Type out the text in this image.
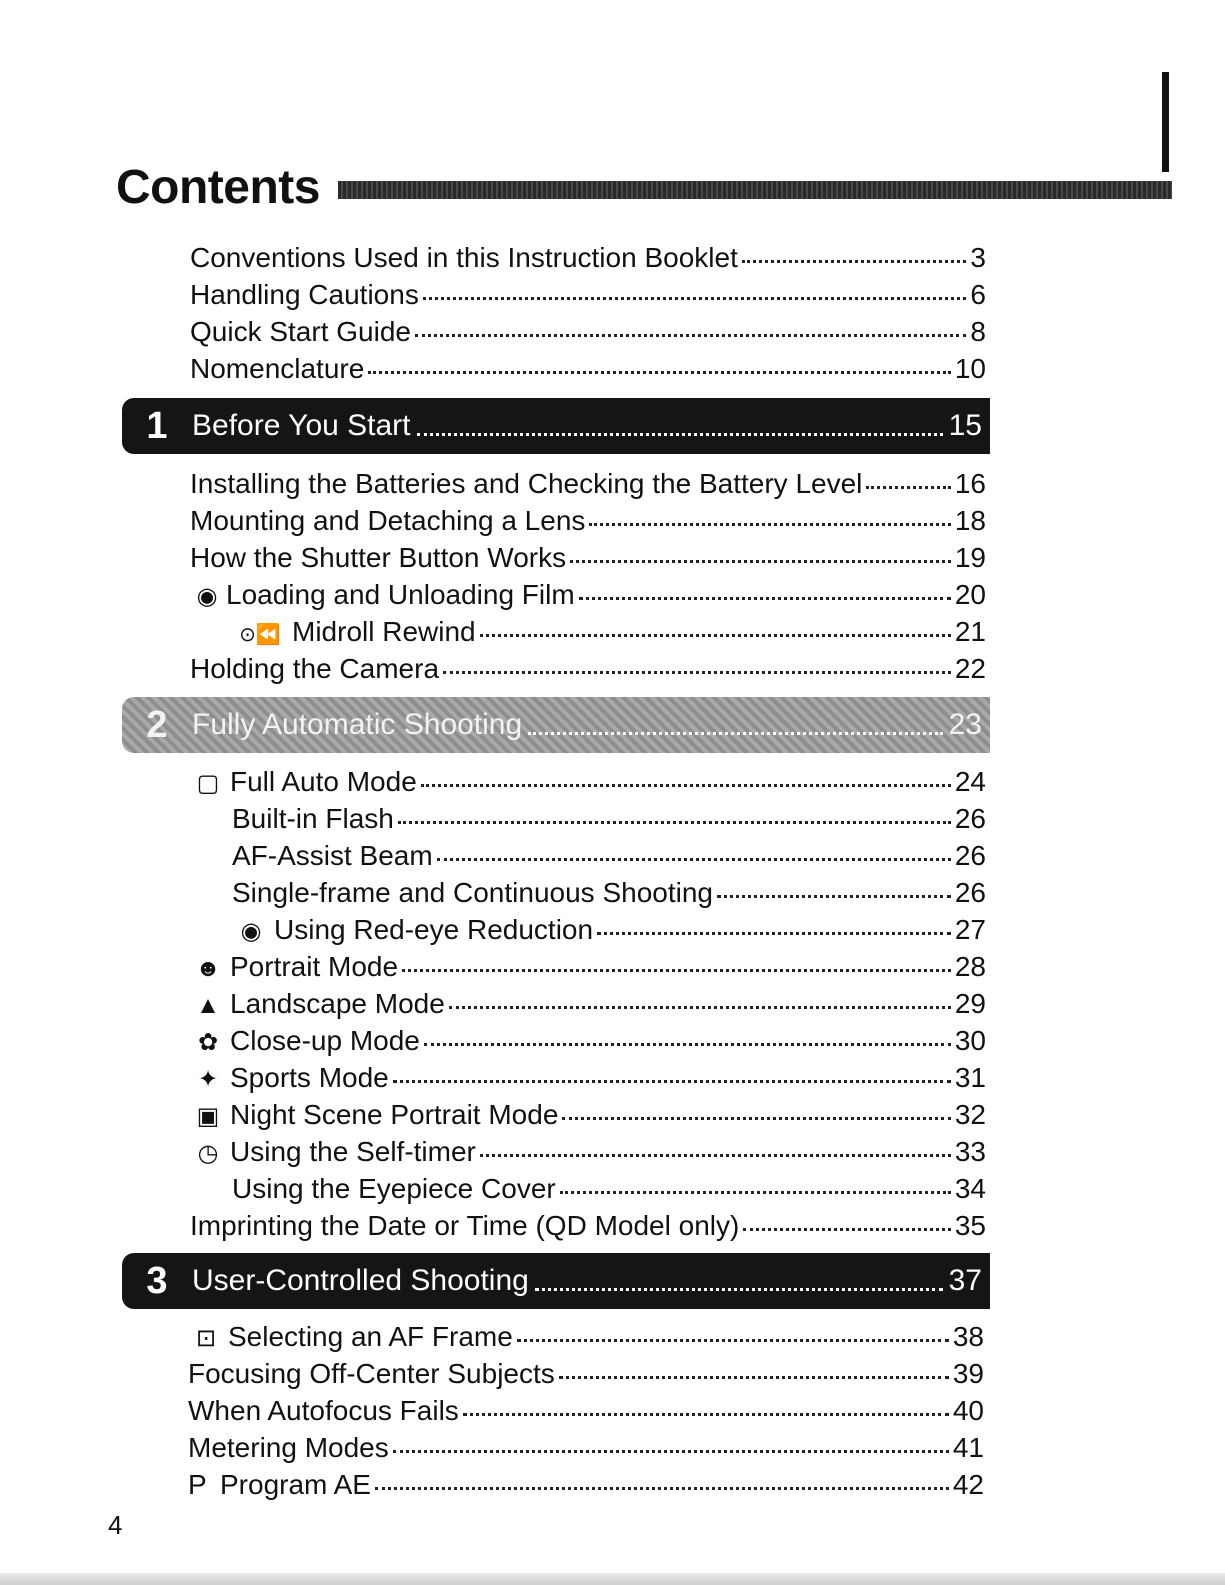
Contents
Conventions Used in this Instruction Booklet	3
Handling Cautions	6
Quick Start Guide	8
Nomenclature	10
1 Before You Start	15
Installing the Batteries and Checking the Battery Level	16
Mounting and Detaching a Lens	18
How the Shutter Button Works	19
◉ Loading and Unloading Film	20
⊙⏪ Midroll Rewind	21
Holding the Camera	22
2 Fully Automatic Shooting	23
▢ Full Auto Mode	24
Built-in Flash	26
AF-Assist Beam	26
Single-frame and Continuous Shooting	26
◉ Using Red-eye Reduction	27
☻ Portrait Mode	28
▲ Landscape Mode	29
✿ Close-up Mode	30
✦ Sports Mode	31
▣ Night Scene Portrait Mode	32
◷ Using the Self-timer	33
Using the Eyepiece Cover	34
Imprinting the Date or Time (QD Model only)	35
3 User-Controlled Shooting	37
⊡ Selecting an AF Frame	38
Focusing Off-Center Subjects	39
When Autofocus Fails	40
Metering Modes	41
P Program AE	42
4
